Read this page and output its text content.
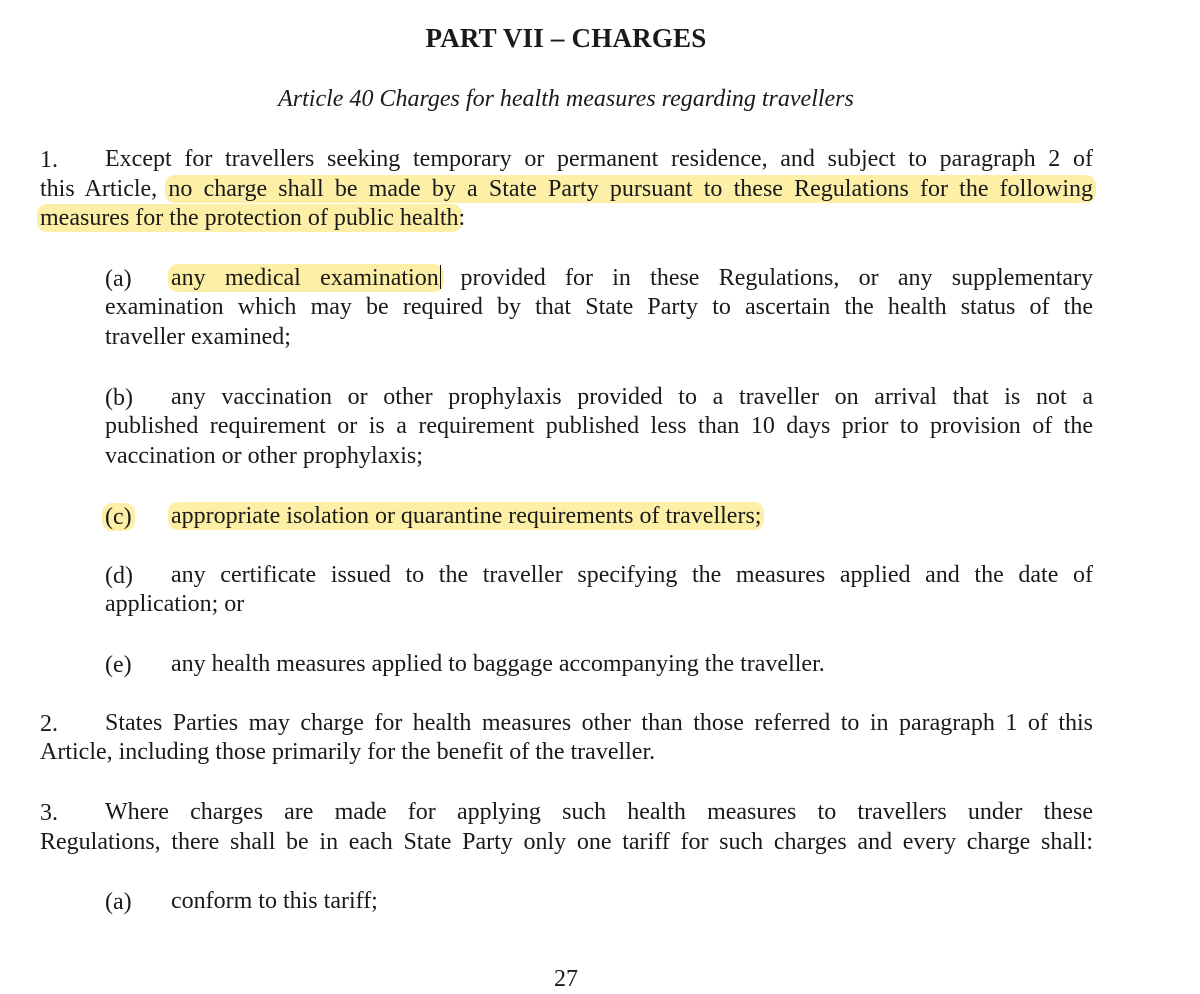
PART VII – CHARGES
Article 40 Charges for health measures regarding travellers
1. Except for travellers seeking temporary or permanent residence, and subject to paragraph 2 of
this Article, no charge shall be made by a State Party pursuant to these Regulations for the following
measures for the protection of public health:
(a) any medical examination provided for in these Regulations, or any supplementary
examination which may be required by that State Party to ascertain the health status of the
traveller examined;
(b) any vaccination or other prophylaxis provided to a traveller on arrival that is not a
published requirement or is a requirement published less than 10 days prior to provision of the
vaccination or other prophylaxis;
(c) appropriate isolation or quarantine requirements of travellers;
(d) any certificate issued to the traveller specifying the measures applied and the date of
application; or
(e) any health measures applied to baggage accompanying the traveller.
2. States Parties may charge for health measures other than those referred to in paragraph 1 of this
Article, including those primarily for the benefit of the traveller.
3. Where charges are made for applying such health measures to travellers under these
Regulations, there shall be in each State Party only one tariff for such charges and every charge shall:
(a) conform to this tariff;
27
